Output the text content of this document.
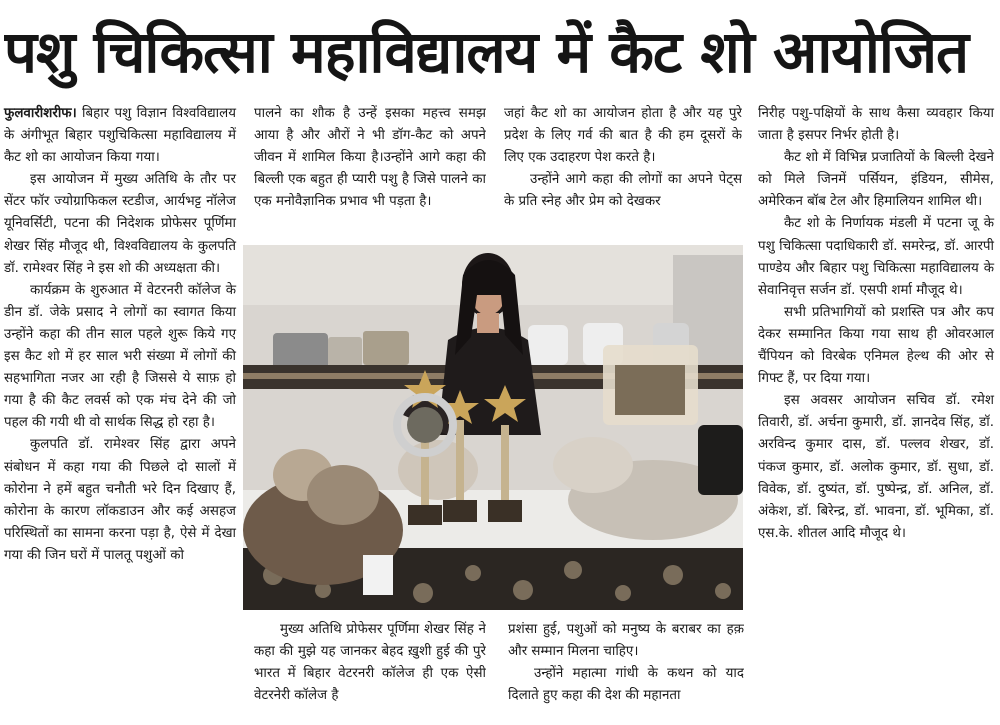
पशु चिकित्सा महाविद्यालय में कैट शो आयोजित

फुलवारीशरीफ। बिहार पशु विज्ञान विश्वविद्यालय के अंगीभूत बिहार पशुचिकित्सा महाविद्यालय में कैट शो का आयोजन किया गया।

इस आयोजन में मुख्य अतिथि के तौर पर सेंटर फॉर ज्योग्राफिकल स्टडीज, आर्यभट्ट नॉलेज यूनिवर्सिटी, पटना की निदेशक प्रोफेसर पूर्णिमा शेखर सिंह मौजूद थी, विश्वविद्यालय के कुलपति डॉ. रामेश्वर सिंह ने इस शो की अध्यक्षता की।

कार्यक्रम के शुरुआत में वेटरनरी कॉलेज के डीन डॉ. जेके प्रसाद ने लोगों का स्वागत किया उन्होंने कहा की तीन साल पहले शुरू किये गए इस कैट शो में हर साल भरी संख्या में लोगों की सहभागिता नजर आ रही है जिससे ये साफ़ हो गया है की कैट लवर्स को एक मंच देने की जो पहल की गयी थी वो सार्थक सिद्ध हो रहा है।

कुलपति डॉ. रामेश्वर सिंह द्वारा अपने संबोधन में कहा गया की पिछले दो सालों में कोरोना ने हमें बहुत चनौती भरे दिन दिखाए हैं, कोरोना के कारण लॉकडाउन और कई असहज परिस्थितों का सामना करना पड़ा है, ऐसे में देखा गया की जिन घरों में पालतू पशुओं को

पालने का शौक है उन्हें इसका महत्त्व समझ आया है और औरों ने भी डॉग-कैट को अपने जीवन में शामिल किया है।उन्होंने आगे कहा की बिल्ली एक बहुत ही प्यारी पशु है जिसे पालने का एक मनोवैज्ञानिक प्रभाव भी पड़ता है।

जहां कैट शो का आयोजन होता है और यह पुरे प्रदेश के लिए गर्व की बात है की हम दूसरों के लिए एक उदाहरण पेश करते है।

उन्होंने आगे कहा की लोगों का अपने पेट्स के प्रति स्नेह और प्रेम को देखकर

मुख्य अतिथि प्रोफेसर पूर्णिमा शेखर सिंह ने कहा की मुझे यह जानकर बेहद ख़ुशी हुई की पुरे भारत में बिहार वेटरनरी कॉलेज ही एक ऐसी वेटरनेरी कॉलेज है

प्रशंसा हुई, पशुओं को मनुष्य के बराबर का हक़ और सम्मान मिलना चाहिए।

उन्होंने महात्मा गांधी के कथन को याद दिलाते हुए कहा की देश की महानता

निरीह पशु-पक्षियों के साथ कैसा व्यवहार किया जाता है इसपर निर्भर होती है।

कैट शो में विभिन्न प्रजातियों के बिल्ली देखने को मिले जिनमें पर्सियन, इंडियन, सीमेस, अमेरिकन बॉब टेल और हिमालियन शामिल थी।

कैट शो के निर्णायक मंडली में पटना जू के पशु चिकित्सा पदाधिकारी डॉ. समरेन्द्र, डॉ. आरपी पाण्डेय और बिहार पशु चिकित्सा महाविद्यालय के सेवानिवृत्त सर्जन डॉ. एसपी शर्मा मौजूद थे।

सभी प्रतिभागियों को प्रशस्ति पत्र और कप देकर सम्मानित किया गया साथ ही ओवरआल चैंपियन को विरबेक एनिमल हेल्थ की ओर से गिफ्ट हैं, पर दिया गया।

इस अवसर आयोजन सचिव डॉ. रमेश तिवारी, डॉ. अर्चना कुमारी, डॉ. ज्ञानदेव सिंह, डॉ. अरविन्द कुमार दास, डॉ. पल्लव शेखर, डॉ. पंकज कुमार, डॉ. अलोक कुमार, डॉ. सुधा, डॉ. विवेक, डॉ. दुष्यंत, डॉ. पुष्पेन्द्र, डॉ. अनिल, डॉ. अंकेश, डॉ. बिरेन्द्र, डॉ. भावना, डॉ. भूमिका, डॉ. एस.के. शीतल आदि मौजूद थे।
